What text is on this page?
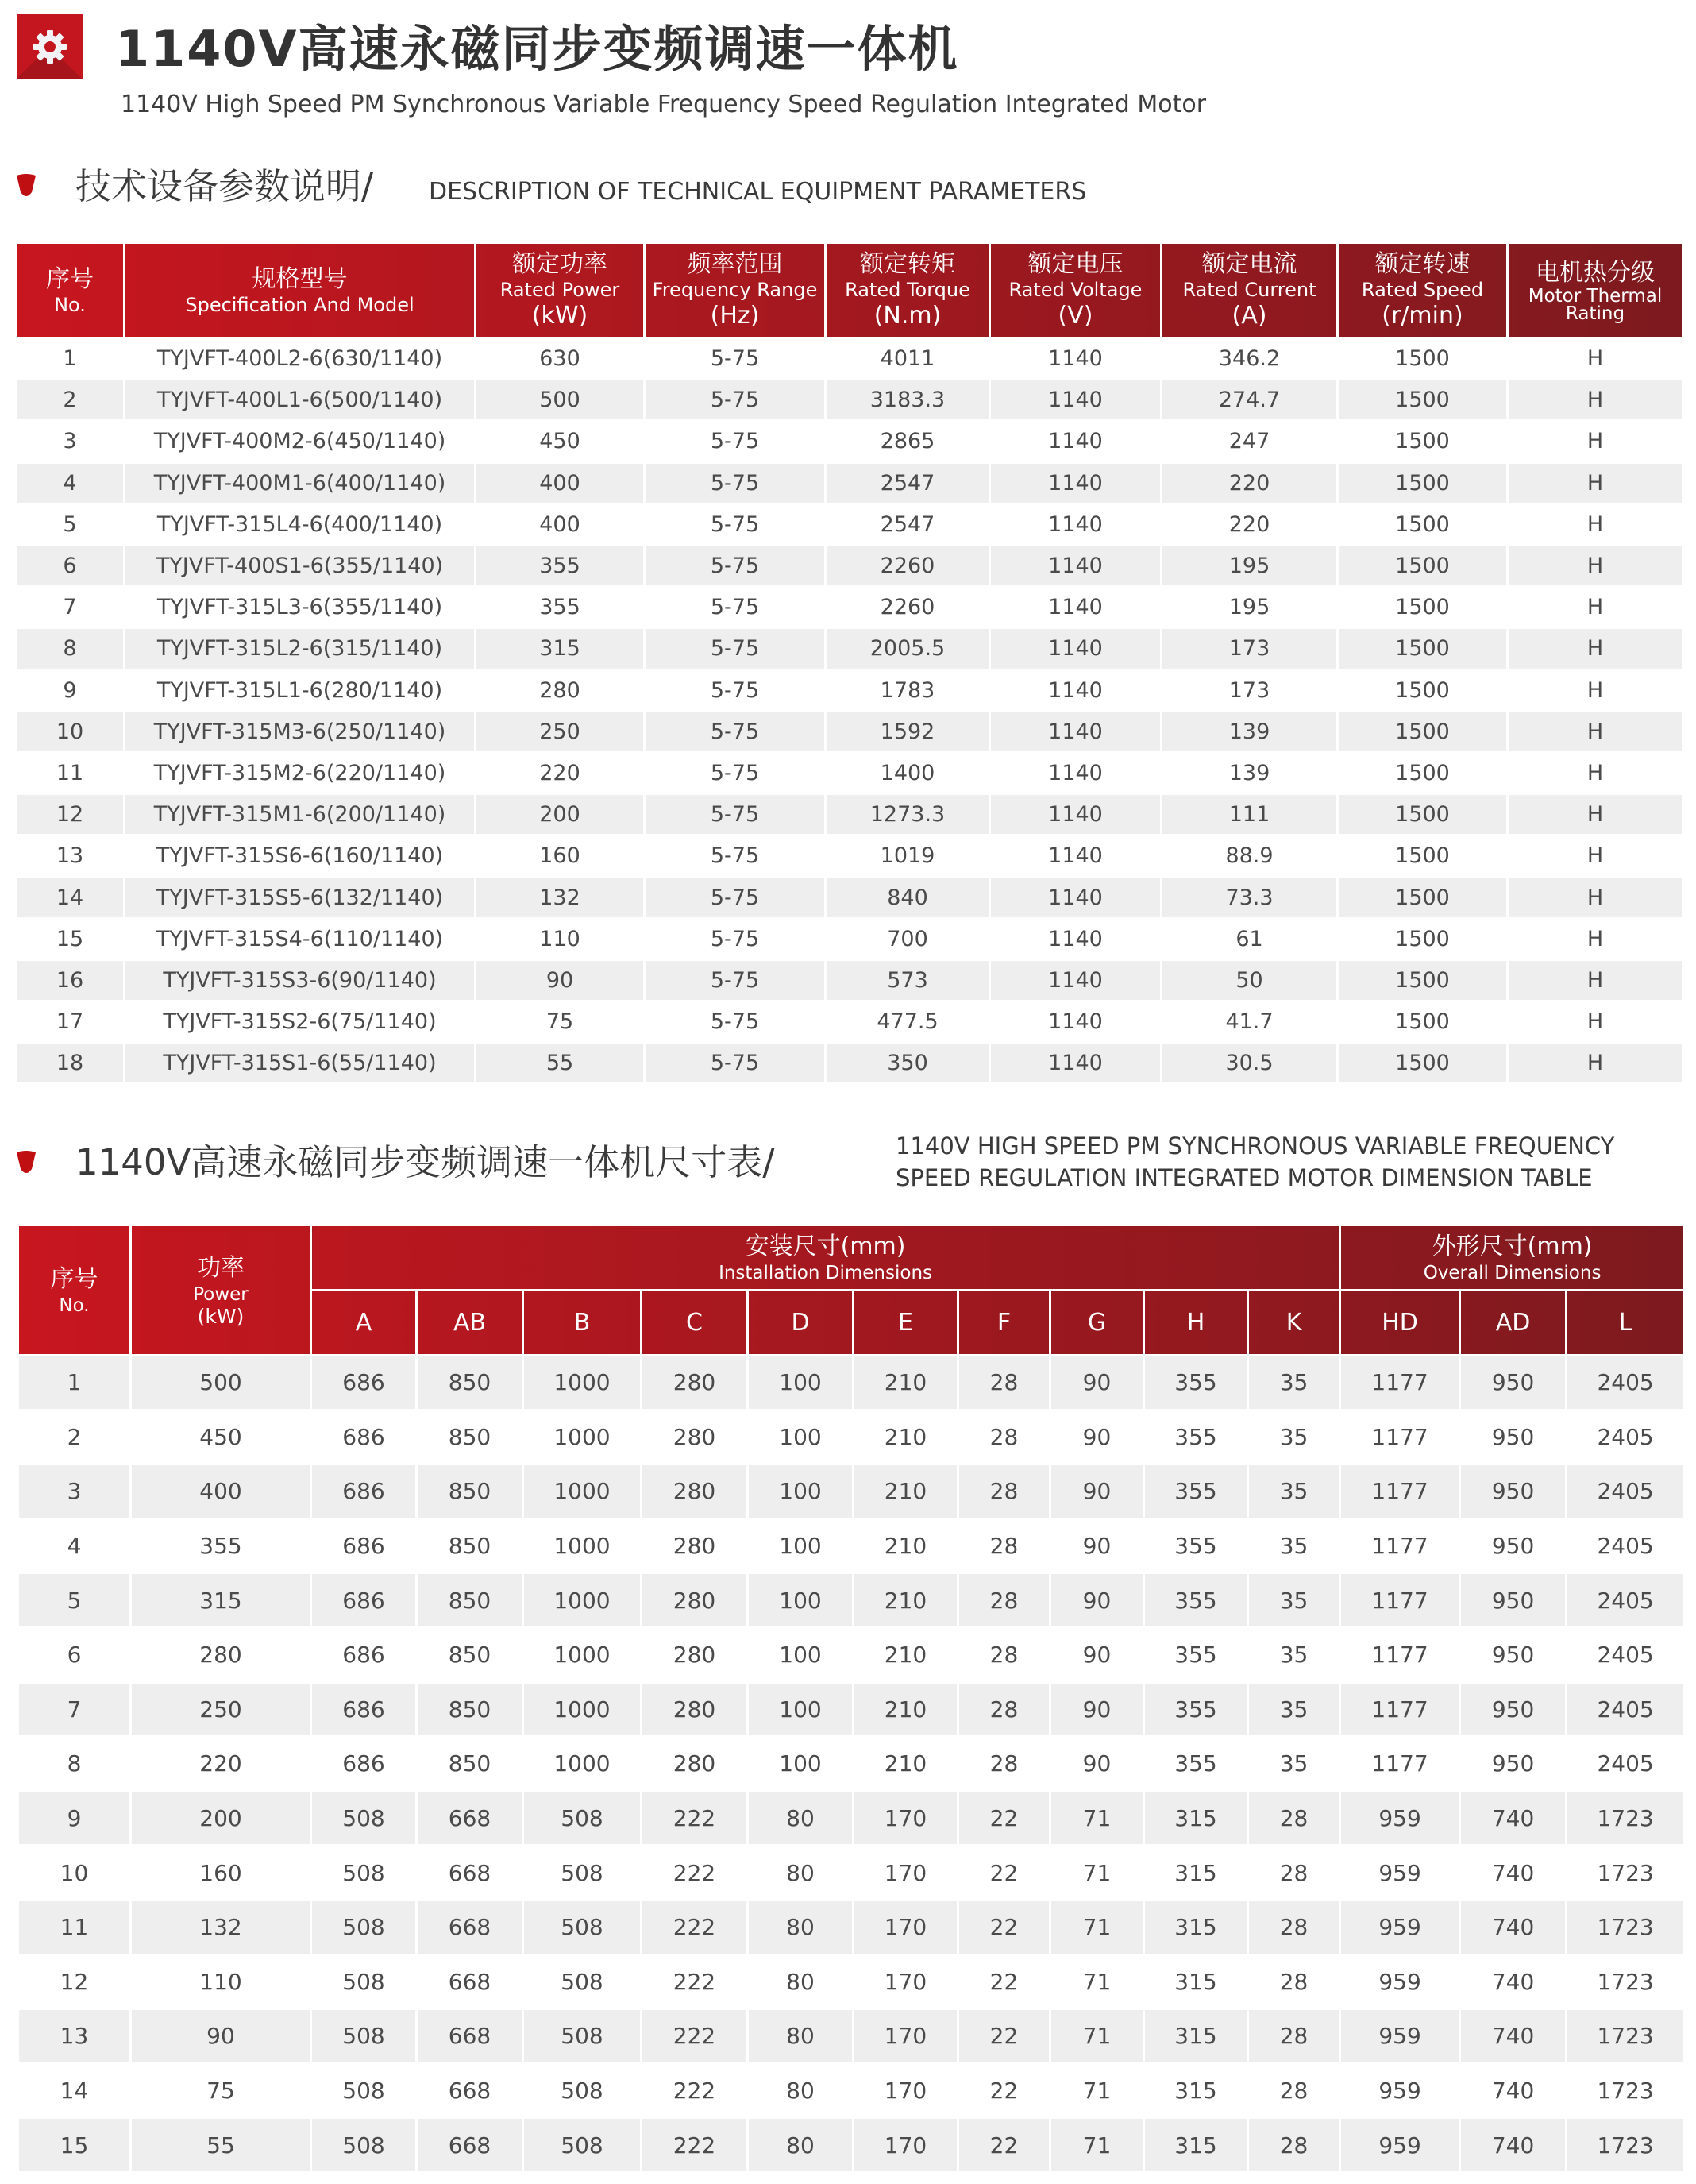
1140V高速永磁同步变频调速一体机
1140V High Speed PM Synchronous Variable Frequency Speed Regulation Integrated Motor
技术设备参数说明/ DESCRIPTION OF TECHNICAL EQUIPMENT PARAMETERS
序号
No.	规格型号
Specification And Model	额定功率
Rated Power
(kW)	频率范围
Frequency Range
(Hz)	额定转矩
Rated Torque
(N.m)	额定电压
Rated Voltage
(V)	额定电流
Rated Current
(A)	额定转速
Rated Speed
(r/min)	电机热分级
Motor Thermal Rating

1	TYJVFT-400L2-6(630/1140)	630	5-75	4011	1140	346.2	1500	H
2	TYJVFT-400L1-6(500/1140)	500	5-75	3183.3	1140	274.7	1500	H
3	TYJVFT-400M2-6(450/1140)	450	5-75	2865	1140	247	1500	H
4	TYJVFT-400M1-6(400/1140)	400	5-75	2547	1140	220	1500	H
5	TYJVFT-315L4-6(400/1140)	400	5-75	2547	1140	220	1500	H
6	TYJVFT-400S1-6(355/1140)	355	5-75	2260	1140	195	1500	H
7	TYJVFT-315L3-6(355/1140)	355	5-75	2260	1140	195	1500	H
8	TYJVFT-315L2-6(315/1140)	315	5-75	2005.5	1140	173	1500	H
9	TYJVFT-315L1-6(280/1140)	280	5-75	1783	1140	173	1500	H
10	TYJVFT-315M3-6(250/1140)	250	5-75	1592	1140	139	1500	H
11	TYJVFT-315M2-6(220/1140)	220	5-75	1400	1140	139	1500	H
12	TYJVFT-315M1-6(200/1140)	200	5-75	1273.3	1140	111	1500	H
13	TYJVFT-315S6-6(160/1140)	160	5-75	1019	1140	88.9	1500	H
14	TYJVFT-315S5-6(132/1140)	132	5-75	840	1140	73.3	1500	H
15	TYJVFT-315S4-6(110/1140)	110	5-75	700	1140	61	1500	H
16	TYJVFT-315S3-6(90/1140)	90	5-75	573	1140	50	1500	H
17	TYJVFT-315S2-6(75/1140)	75	5-75	477.5	1140	41.7	1500	H
18	TYJVFT-315S1-6(55/1140)	55	5-75	350	1140	30.5	1500	H
1140V高速永磁同步变频调速一体机尺寸表/	1140V HIGH SPEED PM SYNCHRONOUS VARIABLE FREQUENCY
SPEED REGULATION INTEGRATED MOTOR DIMENSION TABLE
序号
No.	功率
Power
(kW)	安装尺寸(mm)
Installation Dimensions										外形尺寸(mm)
Overall Dimensions		

		A	AB	B	C	D	E	F	G	H	K	HD	AD	L
1	500	686	850	1000	280	100	210	28	90	355	35	1177	950	2405
2	450	686	850	1000	280	100	210	28	90	355	35	1177	950	2405
3	400	686	850	1000	280	100	210	28	90	355	35	1177	950	2405
4	355	686	850	1000	280	100	210	28	90	355	35	1177	950	2405
5	315	686	850	1000	280	100	210	28	90	355	35	1177	950	2405
6	280	686	850	1000	280	100	210	28	90	355	35	1177	950	2405
7	250	686	850	1000	280	100	210	28	90	355	35	1177	950	2405
8	220	686	850	1000	280	100	210	28	90	355	35	1177	950	2405
9	200	508	668	508	222	80	170	22	71	315	28	959	740	1723
10	160	508	668	508	222	80	170	22	71	315	28	959	740	1723
11	132	508	668	508	222	80	170	22	71	315	28	959	740	1723
12	110	508	668	508	222	80	170	22	71	315	28	959	740	1723
13	90	508	668	508	222	80	170	22	71	315	28	959	740	1723
14	75	508	668	508	222	80	170	22	71	315	28	959	740	1723
15	55	508	668	508	222	80	170	22	71	315	28	959	740	1723
